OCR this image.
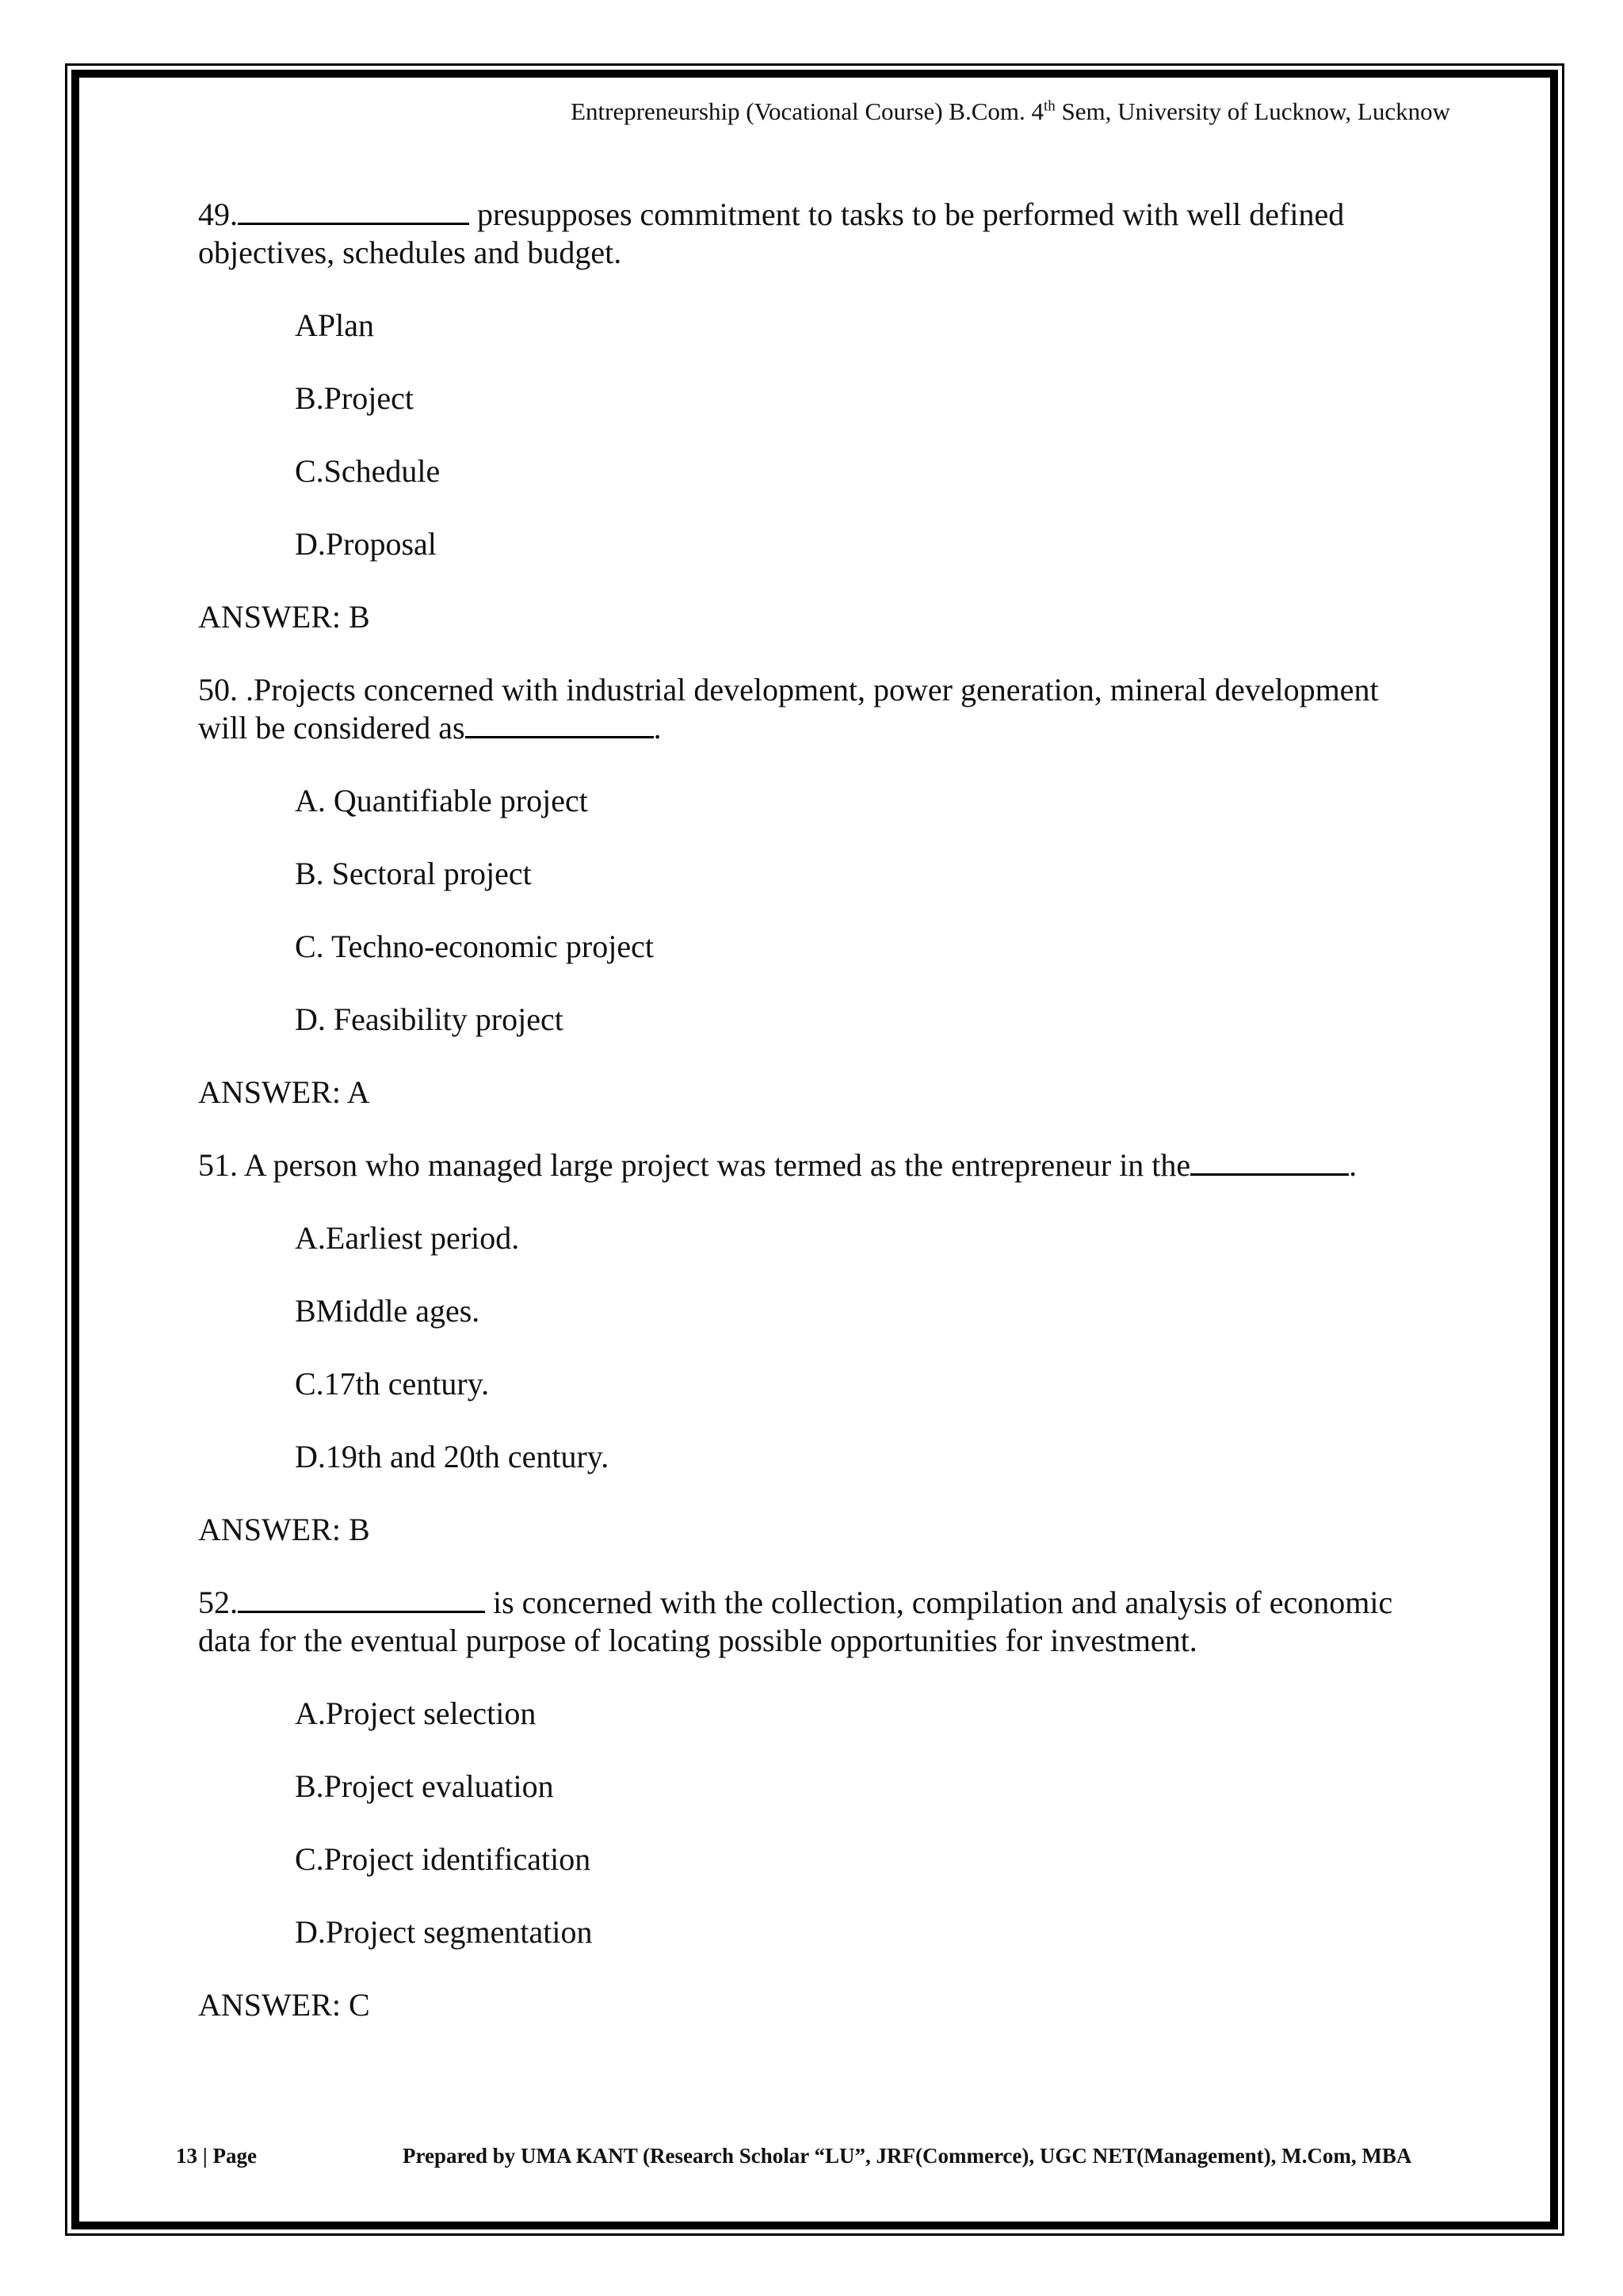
Entrepreneurship (Vocational Course) B.Com. 4th Sem, University of Lucknow, Lucknow

49.	presupposes commitment to tasks to be performed with well defined objectives, schedules and budget.

APlan

B.Project

C.Schedule

D.Proposal

ANSWER: B

50. .Projects concerned with industrial development, power generation, mineral development will be considered as	.

A. Quantifiable project

B. Sectoral project

C. Techno-economic project

D. Feasibility project

ANSWER: A

51. A person who managed large project was termed as the entrepreneur in the	.

A.Earliest period.

BMiddle ages.

C.17th century.

D.19th and 20th century.

ANSWER: B

52.	is concerned with the collection, compilation and analysis of economic data for the eventual purpose of locating possible opportunities for investment.

A.Project selection

B.Project evaluation

C.Project identification

D.Project segmentation

ANSWER: C

13 | Page	Prepared by UMA KANT (Research Scholar “LU”, JRF(Commerce), UGC NET(Management), M.Com, MBA
